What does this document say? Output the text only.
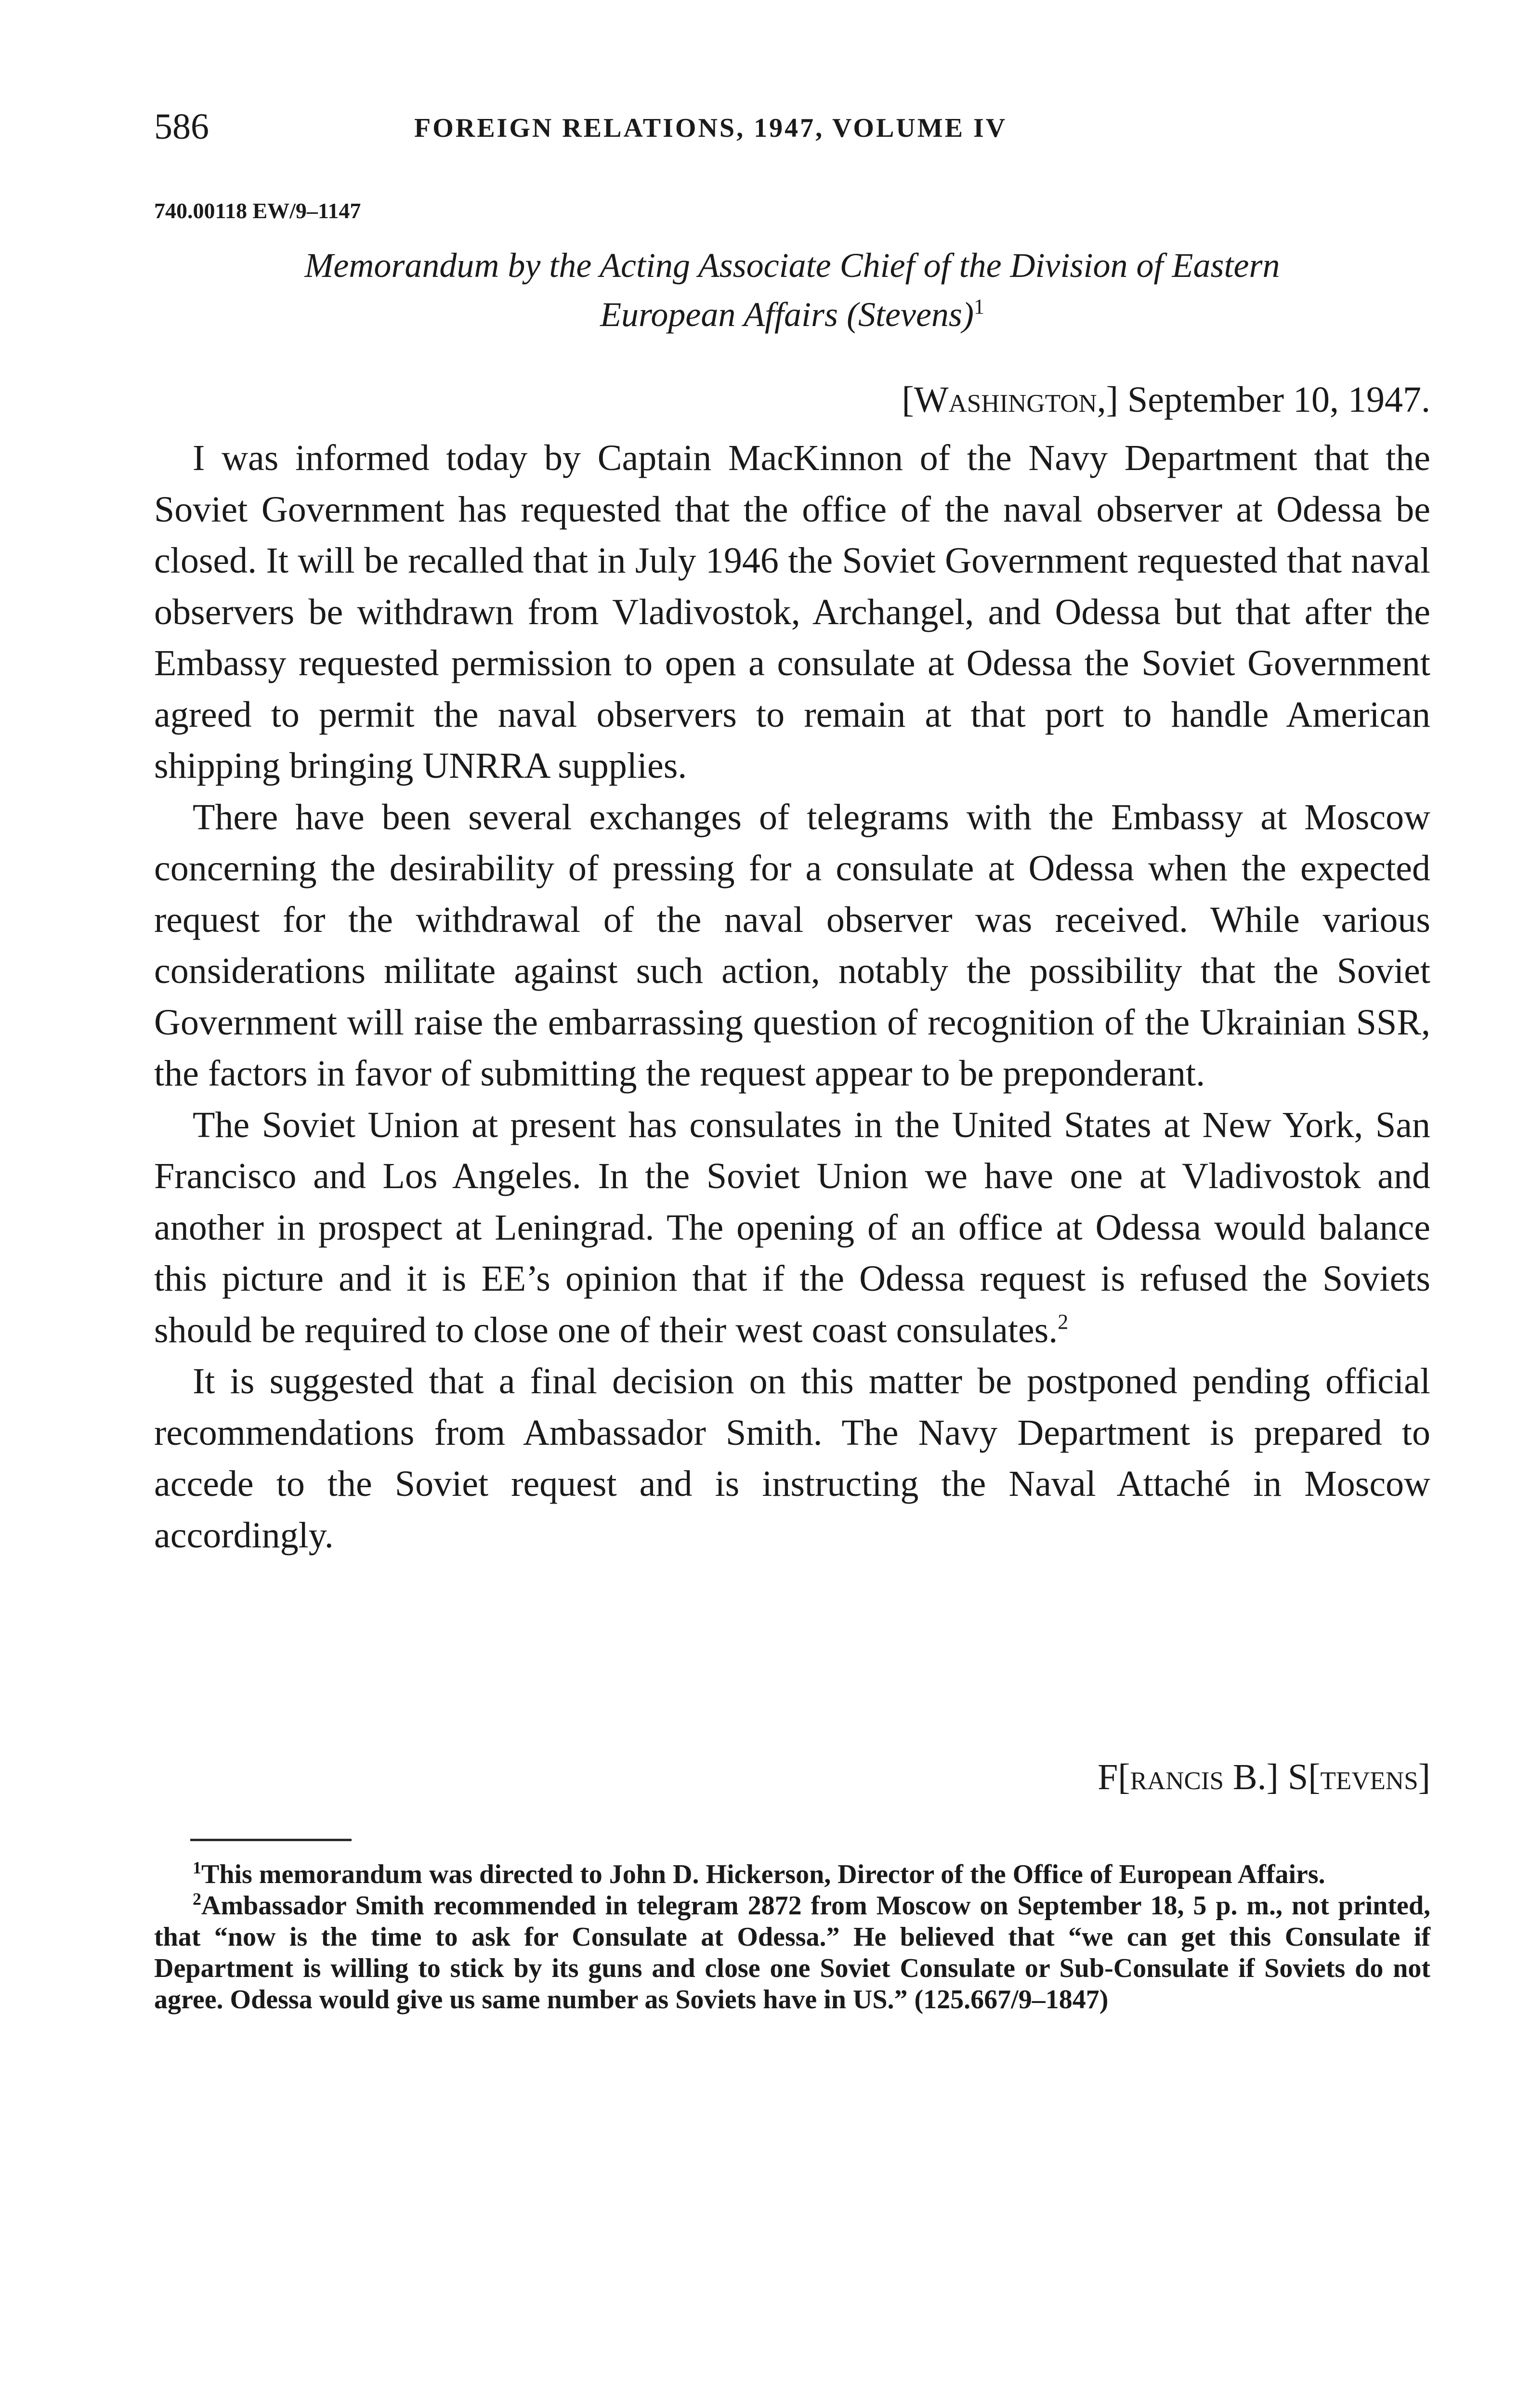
586	FOREIGN RELATIONS, 1947, VOLUME IV
740.00118 EW/9–1147
Memorandum by the Acting Associate Chief of the Division of Eastern
European Affairs (Stevens)$^1$
[Washington,] September 10, 1947.

I was informed today by Captain MacKinnon of the Navy Department that the Soviet Government has requested that the office of the naval observer at Odessa be closed. It will be recalled that in July 1946 the Soviet Government requested that naval observers be withdrawn from Vladivostok, Archangel, and Odessa but that after the Embassy requested permission to open a consulate at Odessa the Soviet Government agreed to permit the naval observers to remain at that port to handle American shipping bringing UNRRA supplies.

There have been several exchanges of telegrams with the Embassy at Moscow concerning the desirability of pressing for a consulate at Odessa when the expected request for the withdrawal of the naval observer was received. While various considerations militate against such action, notably the possibility that the Soviet Government will raise the embarrassing question of recognition of the Ukrainian SSR, the factors in favor of submitting the request appear to be preponderant.

The Soviet Union at present has consulates in the United States at New York, San Francisco and Los Angeles. In the Soviet Union we have one at Vladivostok and another in prospect at Leningrad. The opening of an office at Odessa would balance this picture and it is EE’s opinion that if the Odessa request is refused the Soviets should be required to close one of their west coast consulates.$^2$

It is suggested that a final decision on this matter be postponed pending official recommendations from Ambassador Smith. The Navy Department is prepared to accede to the Soviet request and is instructing the Naval Attaché in Moscow accordingly.

F[rancis B.] S[tevens]

$^1$This memorandum was directed to John D. Hickerson, Director of the Office of European Affairs.

$^2$Ambassador Smith recommended in telegram 2872 from Moscow on September 18, 5 p. m., not printed, that “now is the time to ask for Consulate at Odessa.” He believed that “we can get this Consulate if Department is willing to stick by its guns and close one Soviet Consulate or Sub-Consulate if Soviets do not agree. Odessa would give us same number as Soviets have in US.” (125.667/9–1847)
